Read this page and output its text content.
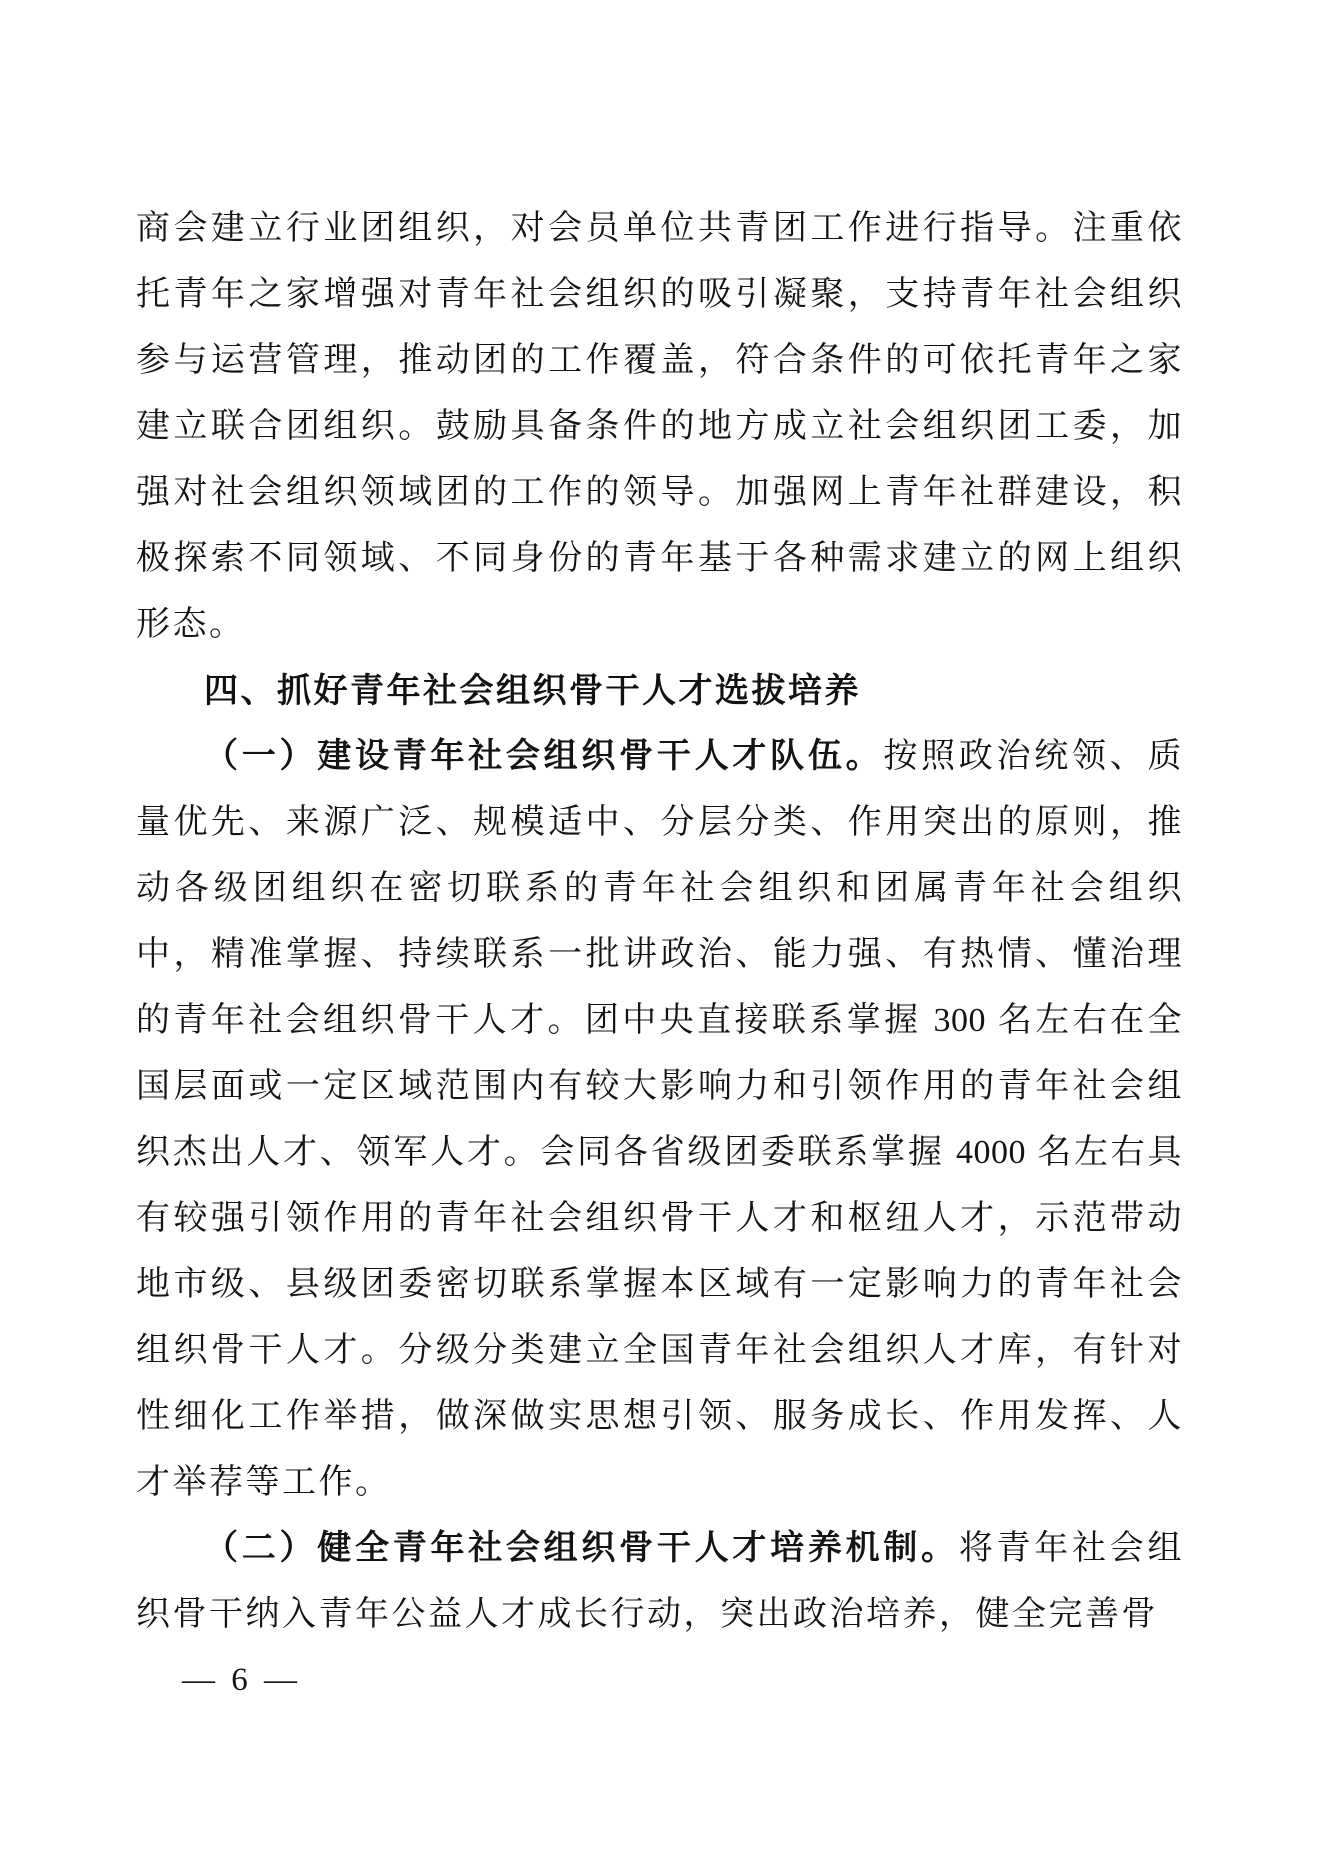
商会建立行业团组织，对会员单位共青团工作进行指导。注重依托青年之家增强对青年社会组织的吸引凝聚，支持青年社会组织参与运营管理，推动团的工作覆盖，符合条件的可依托青年之家建立联合团组织。鼓励具备条件的地方成立社会组织团工委，加强对社会组织领域团的工作的领导。加强网上青年社群建设，积极探索不同领域、不同身份的青年基于各种需求建立的网上组织形态。

四、抓好青年社会组织骨干人才选拔培养

（一）建设青年社会组织骨干人才队伍。按照政治统领、质量优先、来源广泛、规模适中、分层分类、作用突出的原则，推动各级团组织在密切联系的青年社会组织和团属青年社会组织中，精准掌握、持续联系一批讲政治、能力强、有热情、懂治理的青年社会组织骨干人才。团中央直接联系掌握 300 名左右在全国层面或一定区域范围内有较大影响力和引领作用的青年社会组织杰出人才、领军人才。会同各省级团委联系掌握 4000 名左右具有较强引领作用的青年社会组织骨干人才和枢纽人才，示范带动地市级、县级团委密切联系掌握本区域有一定影响力的青年社会组织骨干人才。分级分类建立全国青年社会组织人才库，有针对性细化工作举措，做深做实思想引领、服务成长、作用发挥、人才举荐等工作。

（二）健全青年社会组织骨干人才培养机制。将青年社会组织骨干纳入青年公益人才成长行动，突出政治培养，健全完善骨

— 6 —
